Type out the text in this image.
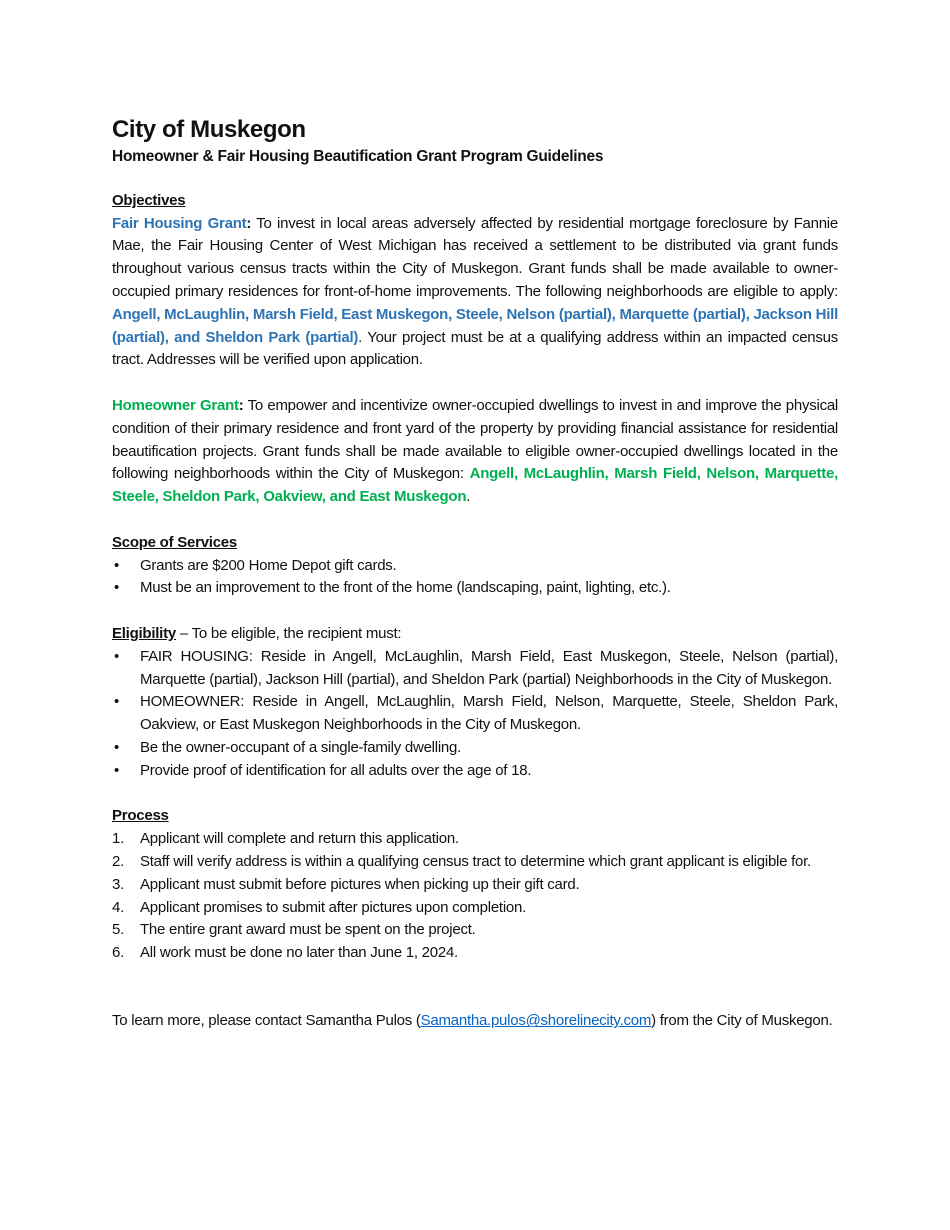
City of Muskegon
Homeowner & Fair Housing Beautification Grant Program Guidelines
Objectives

Fair Housing Grant: To invest in local areas adversely affected by residential mortgage foreclosure by Fannie Mae, the Fair Housing Center of West Michigan has received a settlement to be distributed via grant funds throughout various census tracts within the City of Muskegon. Grant funds shall be made available to owner-occupied primary residences for front-of-home improvements. The following neighborhoods are eligible to apply: Angell, McLaughlin, Marsh Field, East Muskegon, Steele, Nelson (partial), Marquette (partial), Jackson Hill (partial), and Sheldon Park (partial). Your project must be at a qualifying address within an impacted census tract. Addresses will be verified upon application.

Homeowner Grant: To empower and incentivize owner-occupied dwellings to invest in and improve the physical condition of their primary residence and front yard of the property by providing financial assistance for residential beautification projects. Grant funds shall be made available to eligible owner-occupied dwellings located in the following neighborhoods within the City of Muskegon: Angell, McLaughlin, Marsh Field, Nelson, Marquette, Steele, Sheldon Park, Oakview, and East Muskegon.

Scope of Services
• Grants are $200 Home Depot gift cards.
• Must be an improvement to the front of the home (landscaping, paint, lighting, etc.).
Eligibility – To be eligible, the recipient must:
• FAIR HOUSING: Reside in Angell, McLaughlin, Marsh Field, East Muskegon, Steele, Nelson (partial), Marquette (partial), Jackson Hill (partial), and Sheldon Park (partial) Neighborhoods in the City of Muskegon.
• HOMEOWNER: Reside in Angell, McLaughlin, Marsh Field, Nelson, Marquette, Steele, Sheldon Park, Oakview, or East Muskegon Neighborhoods in the City of Muskegon.
• Be the owner-occupant of a single-family dwelling.
• Provide proof of identification for all adults over the age of 18.
Process
1. Applicant will complete and return this application.
2. Staff will verify address is within a qualifying census tract to determine which grant applicant is eligible for.
3. Applicant must submit before pictures when picking up their gift card.
4. Applicant promises to submit after pictures upon completion.
5. The entire grant award must be spent on the project.
6. All work must be done no later than June 1, 2024.

To learn more, please contact Samantha Pulos (Samantha.pulos@shorelinecity.com) from the City of Muskegon.
